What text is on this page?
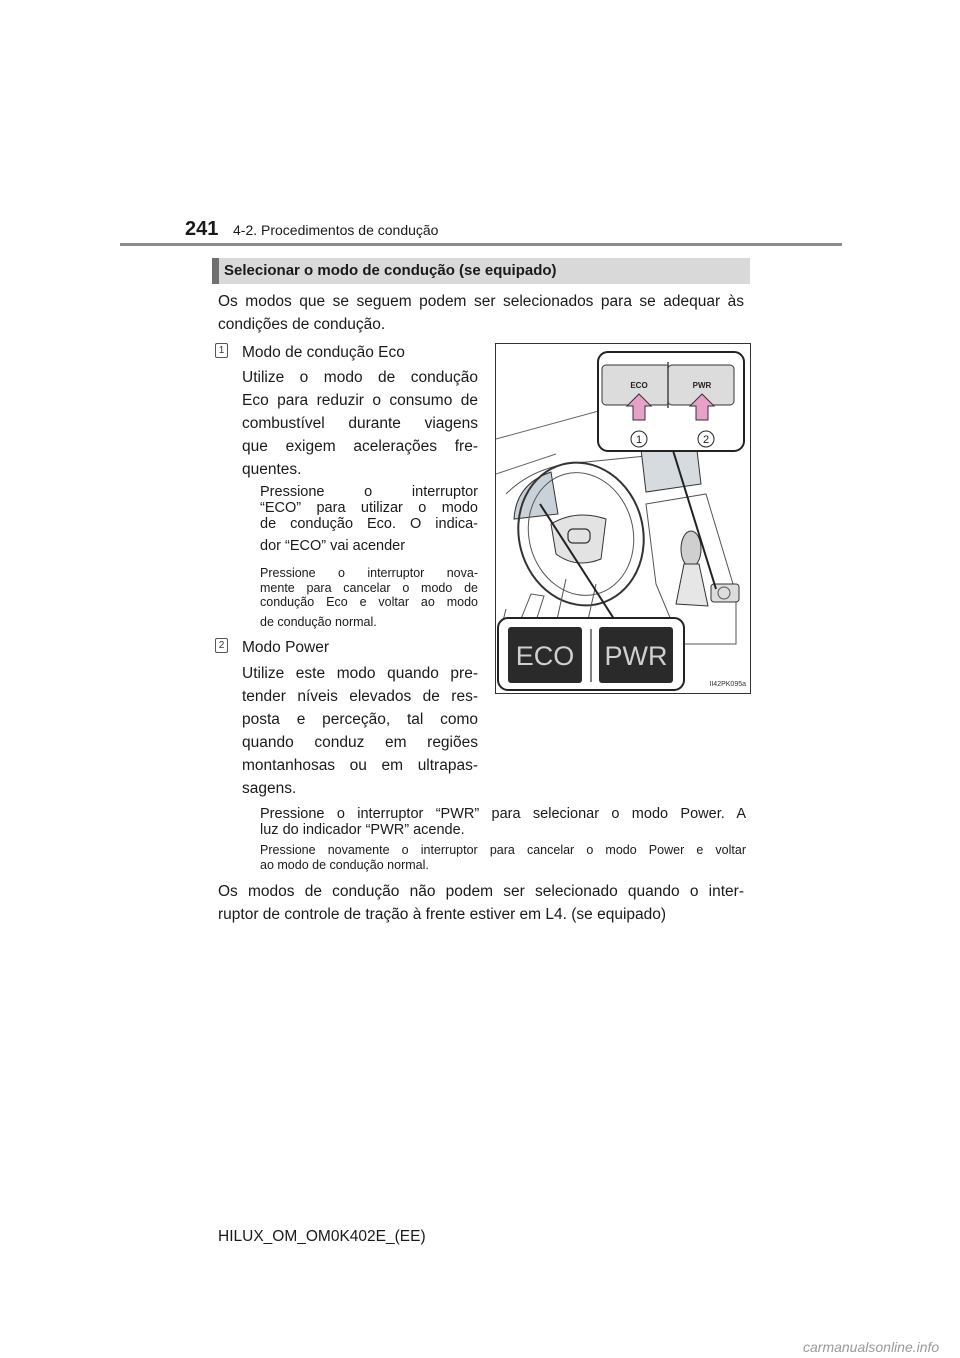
241 4-2. Procedimentos de condução
Selecionar o modo de condução (se equipado)
Os modos que se seguem podem ser selecionados para se adequar às condições de condução.
1 Modo de condução Eco
Utilize o modo de condução
Eco para reduzir o consumo de
combustível durante viagens
que exigem acelerações fre-
quentes.
Pressione o interruptor
“ECO” para utilizar o modo
de condução Eco. O indica-
dor “ECO” vai acender
Pressione o interruptor nova-
mente para cancelar o modo de
condução Eco e voltar ao modo
de condução normal.
2 Modo Power
Utilize este modo quando pre-
tender níveis elevados de res-
posta e perceção, tal como
quando conduz em regiões
montanhosas ou em ultrapas-
sagens.
Pressione o interruptor “PWR” para selecionar o modo Power. A
luz do indicador “PWR” acende.
Pressione novamente o interruptor para cancelar o modo Power e voltar
ao modo de condução normal.
Os modos de condução não podem ser selecionado quando o inter-
ruptor de controle de tração à frente estiver em L4. (se equipado)
ECO	PWR
1	2
ECO PWR
II42PK095a
HILUX_OM_OM0K402E_(EE)
carmanualsonline.info
